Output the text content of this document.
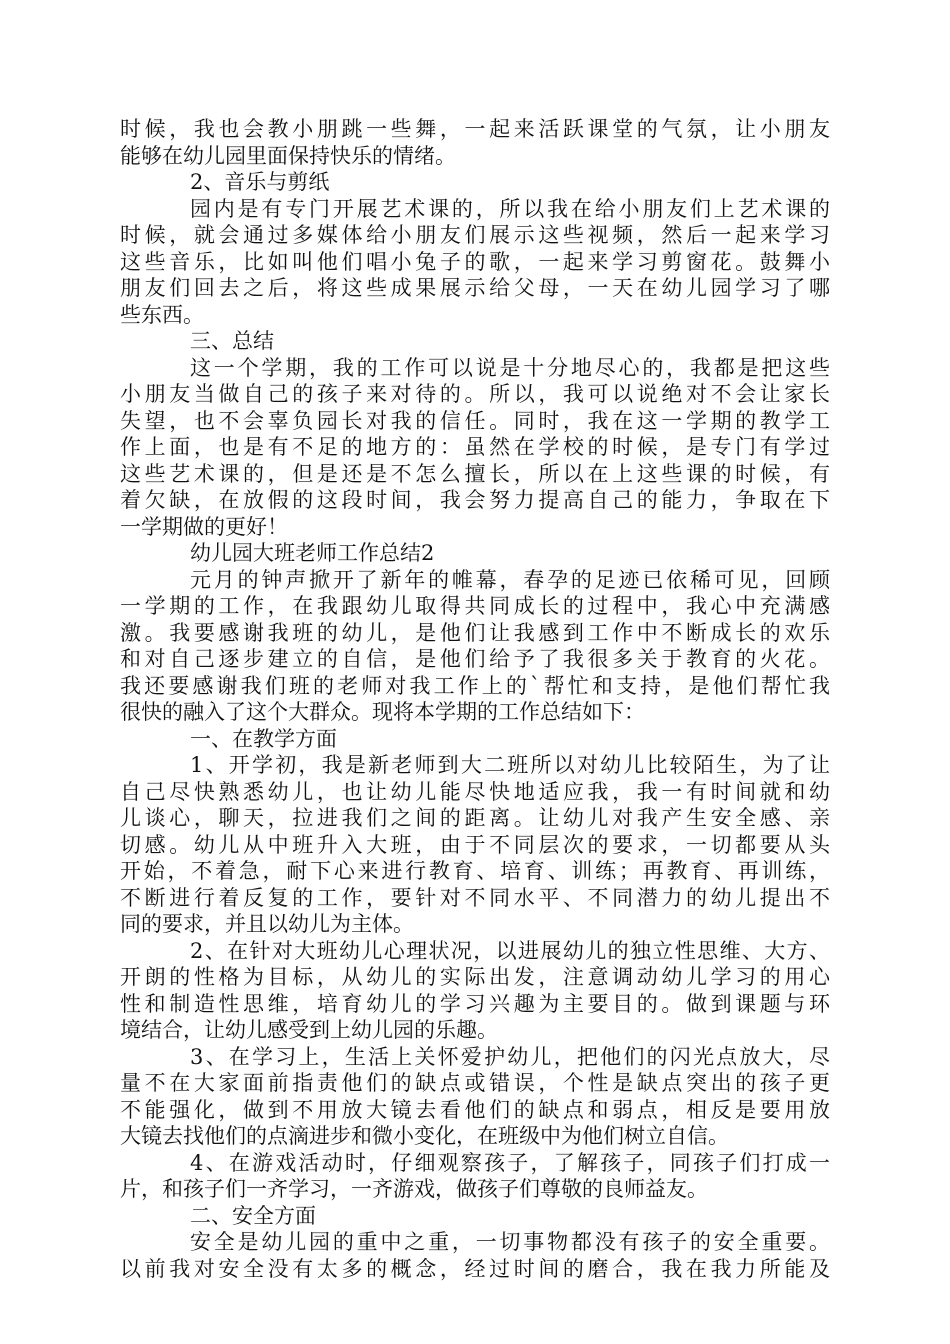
时候，我也会教小朋跳一些舞，一起来活跃课堂的气氛，让小朋友
能够在幼儿园里面保持快乐的情绪。
2、音乐与剪纸
园内是有专门开展艺术课的，所以我在给小朋友们上艺术课的
时候，就会通过多媒体给小朋友们展示这些视频，然后一起来学习
这些音乐，比如叫他们唱小兔子的歌，一起来学习剪窗花。鼓舞小
朋友们回去之后，将这些成果展示给父母，一天在幼儿园学习了哪
些东西。
三、总结
这一个学期，我的工作可以说是十分地尽心的，我都是把这些
小朋友当做自己的孩子来对待的。所以，我可以说绝对不会让家长
失望，也不会辜负园长对我的信任。同时，我在这一学期的教学工
作上面，也是有不足的地方的：虽然在学校的时候，是专门有学过
这些艺术课的，但是还是不怎么擅长，所以在上这些课的时候，有
着欠缺，在放假的这段时间，我会努力提高自己的能力，争取在下
一学期做的更好！
幼儿园大班老师工作总结2
元月的钟声掀开了新年的帷幕，春孕的足迹已依稀可见，回顾
一学期的工作，在我跟幼儿取得共同成长的过程中，我心中充满感
激。我要感谢我班的幼儿，是他们让我感到工作中不断成长的欢乐
和对自己逐步建立的自信，是他们给予了我很多关于教育的火花。
我还要感谢我们班的老师对我工作上的`帮忙和支持，是他们帮忙我
很快的融入了这个大群众。现将本学期的工作总结如下：
一、在教学方面
1、开学初，我是新老师到大二班所以对幼儿比较陌生，为了让
自己尽快熟悉幼儿，也让幼儿能尽快地适应我，我一有时间就和幼
儿谈心，聊天，拉进我们之间的距离。让幼儿对我产生安全感、亲
切感。幼儿从中班升入大班，由于不同层次的要求，一切都要从头
开始，不着急，耐下心来进行教育、培育、训练；再教育、再训练，
不断进行着反复的工作，要针对不同水平、不同潜力的幼儿提出不
同的要求，并且以幼儿为主体。
2、在针对大班幼儿心理状况，以进展幼儿的独立性思维、大方、
开朗的性格为目标，从幼儿的实际出发，注意调动幼儿学习的用心
性和制造性思维，培育幼儿的学习兴趣为主要目的。做到课题与环
境结合，让幼儿感受到上幼儿园的乐趣。
3、在学习上，生活上关怀爱护幼儿，把他们的闪光点放大，尽
量不在大家面前指责他们的缺点或错误，个性是缺点突出的孩子更
不能强化，做到不用放大镜去看他们的缺点和弱点，相反是要用放
大镜去找他们的点滴进步和微小变化，在班级中为他们树立自信。
4、在游戏活动时，仔细观察孩子，了解孩子，同孩子们打成一
片，和孩子们一齐学习，一齐游戏，做孩子们尊敬的良师益友。
二、安全方面
安全是幼儿园的重中之重，一切事物都没有孩子的安全重要。
以前我对安全没有太多的概念，经过时间的磨合，我在我力所能及
